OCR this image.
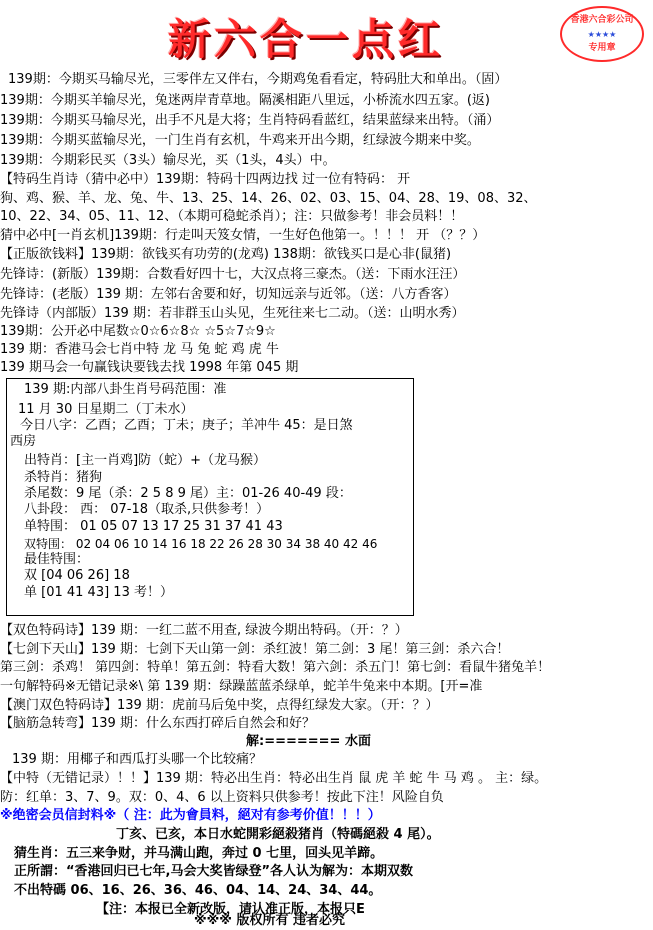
新六合一点红	香港六合彩公司
★★★★
专用章
139期：今期买马输尽光，三零伴左又伴右，今期鸡兔看看定，特码肚大和单出。（固）
139期：今期买羊输尽光，兔迷两岸青草地。隔溪相距八里远，小桥流水四五家。(返)
139期：今期买马输尽光，出手不凡是大将；生肖特码看蓝红，结果蓝绿来出特。（涌）
139期：今期买蓝输尽光，一门生肖有玄机，牛鸡来开出今期，红绿波今期来中奖。
139期：今期彩民买（3头）输尽光，买（1头，4头）中。
【特码生肖诗（猜中必中）139期：特码十四两边找 过一位有特码： 开
狗、鸡、猴、羊、龙、兔、牛、13、25、14、26、02、03、15、04、28、19、08、32、
10、22、34、05、11、12、（本期可稳蛇杀肖）；注：只做参考！非会员料！！
猜中必中[一肖玄机]139期：行走叫天笈女情，一生好色他第一。！！！ 开 （？？）
【正版欲钱料】139期：欲钱买有功劳的(龙鸡) 138期：欲钱买口是心非(鼠猪)
先锋诗：(新版）139期：合数看好四十七，大汉点将三豪杰。（送：下雨水汪汪）
先锋诗：(老版）139 期：左邻右舍要和好，切知远亲与近邻。（送：八方香客）
先锋诗（内部版）139 期：若非群玉山头见，生死往来七二动。（送：山明水秀）
139期：公开必中尾数☆0☆6☆8☆ ☆5☆7☆9☆
139 期：香港马会七肖中特 龙 马 兔 蛇 鸡 虎 牛
139 期马会一句赢钱诀要钱去找 1998 年第 045 期
139 期:内部八卦生肖号码范围：准
11 月 30 日星期二（丁未水）
今日八字：乙酉；乙酉；丁未；庚子；羊冲牛 45：是日煞
西房
出特肖：[主一肖鸡]防（蛇）+（龙马猴）
杀特肖：猪狗
杀尾数：9 尾（杀：2 5 8 9 尾）主：01-26 40-49 段：
八卦段： 西： 07-18（取杀,只供参考！）
单特围： 01 05 07 13 17 25 31 37 41 43
双特围： 02 04 06 10 14 16 18 22 26 28 30 34 38 40 42 46
最佳特围：
双 [04 06 26] 18
单 [01 41 43] 13 考！）
【双色特码诗】139 期：一红二蓝不用查, 绿波今期出特码。（开：？）
【七剑下天山】139 期：七剑下天山第一剑：杀红波！第二剑：3 尾！第三剑：杀六合！
第三剑：杀鸡！ 第四剑：特单！第五剑：特看大数！第六剑：杀五门！第七剑：看鼠牛猪兔羊！
一句解特码※无错记录※\ 第 139 期：绿躁蓝蓝杀绿单，蛇羊牛兔来中本期。[开=准
【澳门双色特码诗】139 期：虎前马后兔中奖，点得红绿发大家。（开：？）
【脑筋急转弯】139 期：什么东西打碎后自然会和好？
解:======= 水面
139 期：用椰子和西瓜打头哪一个比较痛？
【中特（无错记录）！！】139 期：特必出生肖：特必出生肖 鼠 虎 羊 蛇 牛 马 鸡 。 主：绿。
防：红单：3、7、9。双：0、4、6 以上资料只供参考！按此下注！风险自负
※绝密会员信封料※（ 注：此为會員料，絕对有参考价值！！！）
丁亥、已亥，本日水蛇開彩絕殺猪肖（特碼絕殺 4 尾）。
猜生肖：五三来争财，并马满山跑，奔过 0 七里，回头见羊蹄。
正所謂：“香港回归已七年,马会大奖皆绿登”各人认为解为：本期双数
不出特碼 06、16、26、36、46、04、14、24、34、44。
【注：本报已全新改版，请认准正版，本报只E
※※※ 版权所有 违者必究
